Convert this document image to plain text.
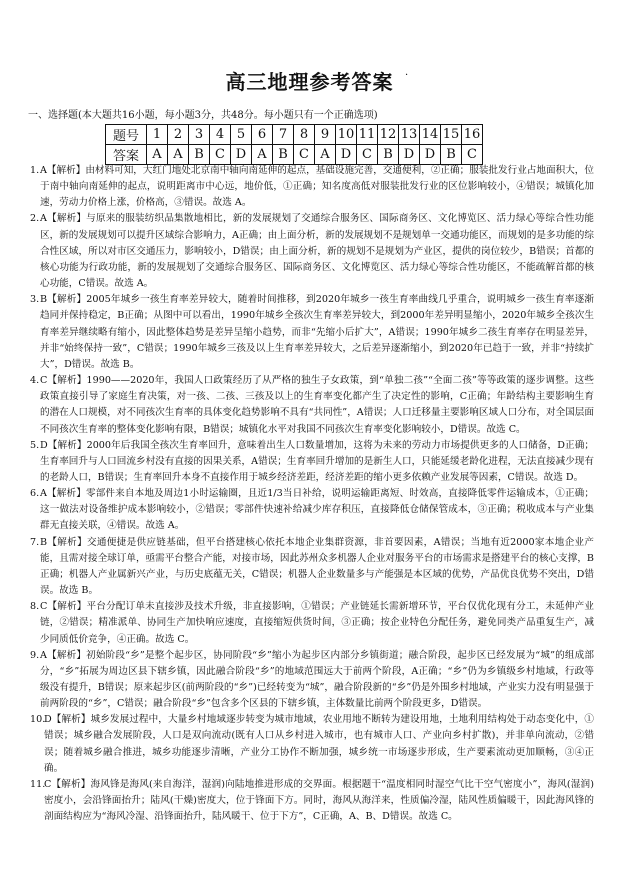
高三地理参考答案	·
一、选择题(本大题共16小题，每小题3分，共48分。每小题只有一个正确选项)
题号	1	2	3	4	5	6	7	8	9	10	11	12	13	14	15	16
答案	A	A	B	C	D	A	B	C	A	D	C	B	D	D	B	C
1. A【解析】由材料可知，大红门地处北京南中轴向南延伸的起点，基础设施完善，交通便利，②正确；服装批发行业占地面积大，位于南中轴向南延伸的起点，说明距离市中心远，地价低，①正确；知名度高低对服装批发行业的区位影响较小，④错误；城镇化加速，劳动力价格上涨，价格高，③错误。故选 A。
2. A【解析】与原来的服装纺织品集散地相比，新的发展规划了交通综合服务区、国际商务区、文化博览区、活力绿心等综合性功能区，新的发展规划可以提升区域综合影响力，A正确；由上面分析，新的发展规划不是规划单一交通功能区，而规划的是多功能的综合性区域，所以对市区交通压力，影响较小，D错误；由上面分析，新的规划不是规划为产业区，提供的岗位较少，B错误；首都的核心功能为行政功能，新的发展规划了交通综合服务区、国际商务区、文化博览区、活力绿心等综合性功能区，不能疏解首都的核心功能，C错误。故选 A。
3. B【解析】2005年城乡一孩生育率差异较大，随着时间推移，到2020年城乡一孩生育率曲线几乎重合，说明城乡一孩生育率逐渐趋同并保持稳定，B正确；从图中可以看出，1990年城乡全孩次生育率差异较大，到2000年差异明显缩小，2020年城乡全孩次生育率差异继续略有缩小，因此整体趋势是差异呈缩小趋势，而非“先缩小后扩大”，A错误；1990年城乡二孩生育率存在明显差异，并非“始终保持一致”，C错误；1990年城乡三孩及以上生育率差异较大，之后差异逐渐缩小，到2020年已趋于一致，并非“持续扩大”，D错误。故选 B。
4. C【解析】1990——2020年，我国人口政策经历了从严格的独生子女政策，到“单独二孩”“全面二孩”等等政策的逐步调整。这些政策直接引导了家庭生育决策，对一孩、二孩、三孩及以上的生育率变化都产生了决定性的影响，C正确；年龄结构主要影响生育的潜在人口规模，对不同孩次生育率的具体变化趋势影响不具有“共同性”，A错误；人口迁移量主要影响区域人口分布，对全国层面不同孩次生育率的整体变化影响有限，B错误；城镇化水平对我国不同孩次生育率变化影响较小，D错误。故选 C。
5. D【解析】2000年后我国全孩次生育率回升，意味着出生人口数量增加，这将为未来的劳动力市场提供更多的人口储备，D正确；生育率回升与人口回流乡村没有直接的因果关系，A错误；生育率回升增加的是新生人口，只能延缓老龄化进程，无法直接减少现有的老龄人口，B错误；生育率回升本身不直接作用于城乡经济差距，经济差距的缩小更多依赖产业发展等因素，C错误。故选 D。
6. A【解析】零部件来自本地及周边1小时运输圈，且近1/3当日补给，说明运输距离短、时效高，直接降低零件运输成本，①正确；这一做法对设备维护成本影响较小，②错误；零部件快速补给减少库存积压，直接降低仓储保管成本，③正确；税收成本与产业集群无直接关联，④错误。故选 A。
7. B【解析】交通便捷是供应链基础，但平台搭建核心依托本地企业集群资源，非首要因素，A错误；当地有近2000家本地企业产能，且需对接全球订单，亟需平台整合产能，对接市场，因此苏州众多机器人企业对服务平台的市场需求是搭建平台的核心支撑，B正确；机器人产业属新兴产业，与历史底蕴无关，C错误；机器人企业数量多与产能强是本区域的优势，产品优良优势不突出，D错误。故选 B。
8. C【解析】平台分配订单未直接涉及技术升级，非直接影响，①错误；产业链延长需新增环节，平台仅优化现有分工，未延伸产业链，②错误；精准派单、协同生产加快响应速度，直接缩短供货时间，③正确；按企业特色分配任务，避免同类产品重复生产，减少同质低价竞争，④正确。故选 C。
9. A【解析】初始阶段“乡”是整个起步区，协同阶段“乡”缩小为起步区内部分乡镇街道；融合阶段，起步区已经发展为“城”的组成部分，“乡”拓展为周边区县下辖乡镇，因此融合阶段“乡”的地域范围远大于前两个阶段，A正确；“乡”仍为乡镇级乡村地域，行政等级没有提升，B错误；原来起步区(前两阶段的“乡”)已经转变为“城”，融合阶段新的“乡”仍是外围乡村地域，产业实力没有明显强于前两阶段的“乡”，C错误；融合阶段“乡”包含多个区县的下辖乡镇，主体数量比前两个阶段更多，D错误。
10.
D【解析】城乡发展过程中，大量乡村地域逐步转变为城市地域，农业用地不断转为建设用地，土地利用结构处于动态变化中，①错误；城乡融合发展阶段，人口是双向流动(既有人口从乡村进入城市，也有城市人口、产业向乡村扩散)，并非单向流动，②错误；随着城乡融合推进，城乡功能逐步清晰，产业分工协作不断加强，城乡统一市场逐步形成，生产要素流动更加顺畅，③④正确。
11.
C【解析】海风锋是海风(来自海洋，湿润)向陆地推进形成的交界面。根据题干“温度相同时湿空气比干空气密度小”，海风(湿润)密度小，会沿锋面抬升；陆风(干燥)密度大，位于锋面下方。同时，海风从海洋来，性质偏冷湿，陆风性质偏暖干，因此海风锋的剖面结构应为“海风冷湿、沿锋面抬升，陆风暖干、位于下方”，C正确，A、B、D错误。故选 C。
